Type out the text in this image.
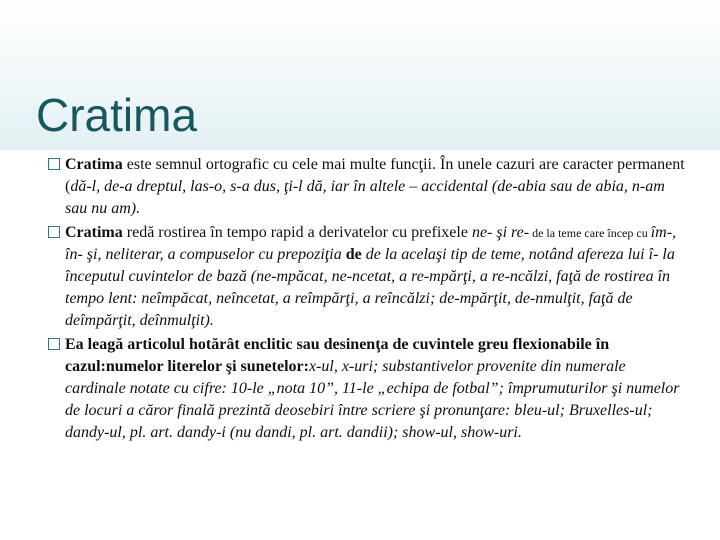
Cratima

Cratima este semnul ortografic cu cele mai multe funcţii. În unele cazuri are caracter permanent (dă-l, de-a dreptul, las-o, s-a dus, ţi-l dă, iar în altele – accidental (de-abia sau de abia, n-am sau nu am).

Cratima redă rostirea în tempo rapid a derivatelor cu prefixele ne- şi re- de la teme care încep cu îm-, în- şi, neliterar, a compuselor cu prepoziţia de de la acelaşi tip de teme, notând afereza lui î- la începutul cuvintelor de bază (ne-mpăcat, ne-ncetat, a re-mpărţi, a re-ncălzi, faţă de rostirea în tempo lent: neîmpăcat, neîncetat, a reîmpărţi, a reîncălzi; de-mpărţit, de-nmulţit, faţă de deîmpărţit, deînmulţit).

Ea leagă articolul hotărât enclitic sau desinenţa de cuvintele greu flexionabile în cazul:numelor literelor şi sunetelor:x-ul, x-uri; substantivelor provenite din numerale cardinale notate cu cifre: 10-le „nota 10”, 11-le „echipa de fotbal”; împrumuturilor şi numelor de locuri a căror finală prezintă deosebiri între scriere şi pronunţare: bleu-ul; Bruxelles-ul; dandy-ul, pl. art. dandy-i (nu dandi, pl. art. dandii); show-ul, show-uri.
